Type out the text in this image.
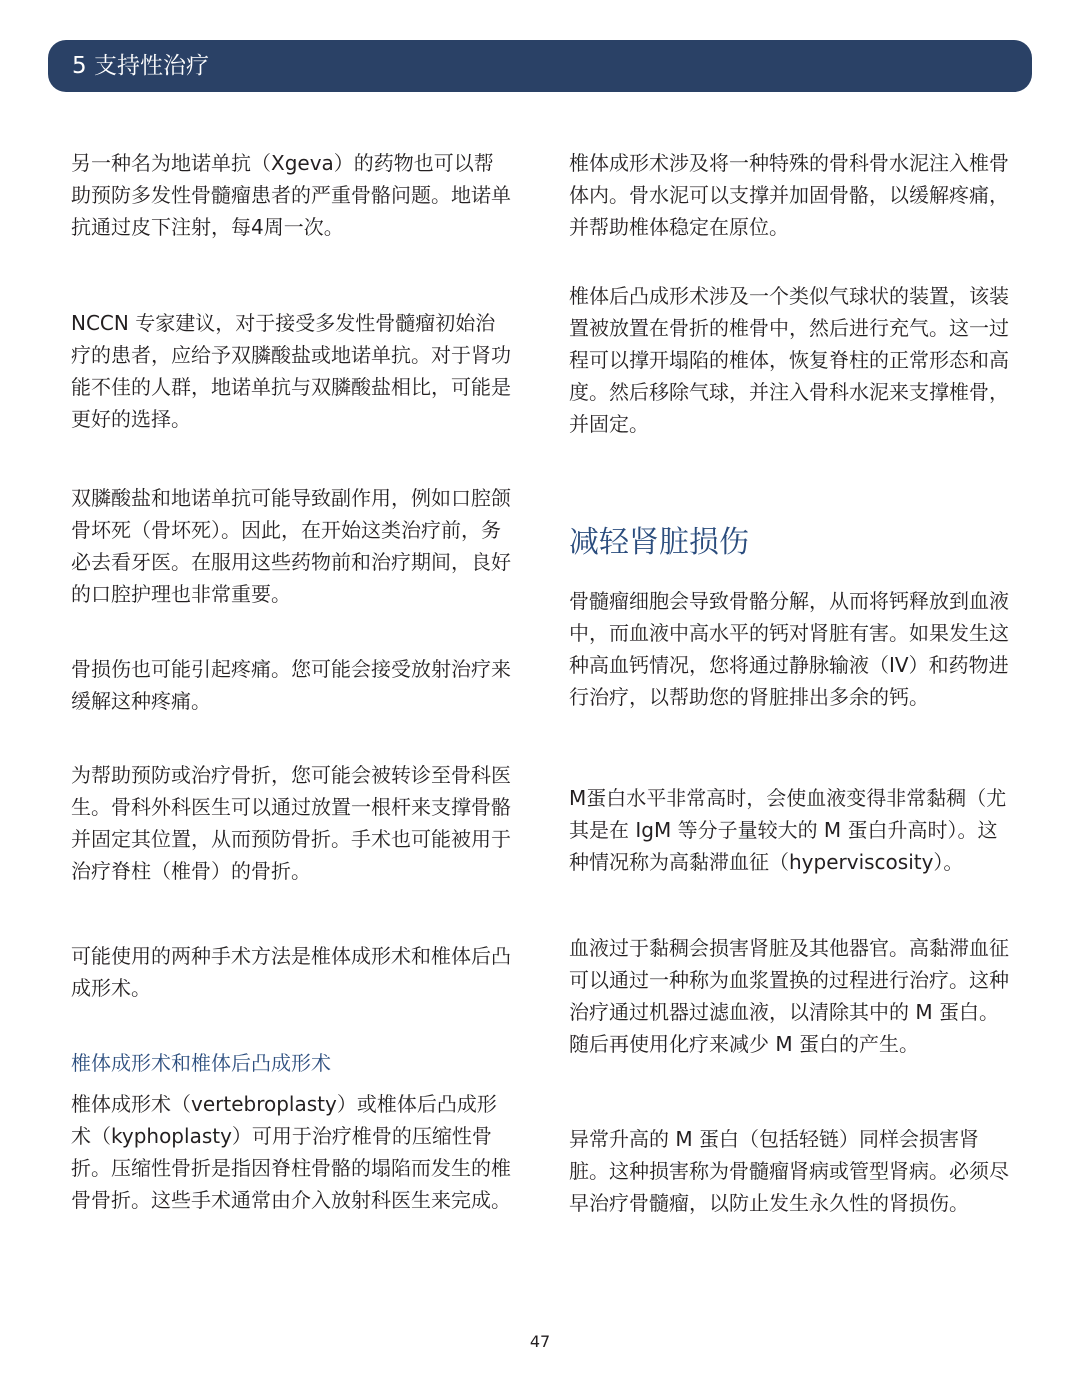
5 支持性治疗

另一种名为地诺单抗（Xgeva）的药物也可以帮助预防多发性骨髓瘤患者的严重骨骼问题。地诺单抗通过皮下注射，每4周一次。

NCCN 专家建议，对于接受多发性骨髓瘤初始治疗的患者，应给予双膦酸盐或地诺单抗。对于肾功能不佳的人群，地诺单抗与双膦酸盐相比，可能是更好的选择。

双膦酸盐和地诺单抗可能导致副作用，例如口腔颌骨坏死（骨坏死）。因此，在开始这类治疗前，务必去看牙医。在服用这些药物前和治疗期间，良好的口腔护理也非常重要。

骨损伤也可能引起疼痛。您可能会接受放射治疗来缓解这种疼痛。

为帮助预防或治疗骨折，您可能会被转诊至骨科医生。骨科外科医生可以通过放置一根杆来支撑骨骼并固定其位置，从而预防骨折。手术也可能被用于治疗脊柱（椎骨）的骨折。

可能使用的两种手术方法是椎体成形术和椎体后凸成形术。

椎体成形术和椎体后凸成形术

椎体成形术（vertebroplasty）或椎体后凸成形术（kyphoplasty）可用于治疗椎骨的压缩性骨折。压缩性骨折是指因脊柱骨骼的塌陷而发生的椎骨骨折。这些手术通常由介入放射科医生来完成。

椎体成形术涉及将一种特殊的骨科骨水泥注入椎骨体内。骨水泥可以支撑并加固骨骼，以缓解疼痛，并帮助椎体稳定在原位。

椎体后凸成形术涉及一个类似气球状的装置，该装置被放置在骨折的椎骨中，然后进行充气。这一过程可以撑开塌陷的椎体，恢复脊柱的正常形态和高度。然后移除气球，并注入骨科水泥来支撑椎骨，并固定。

减轻肾脏损伤

骨髓瘤细胞会导致骨骼分解，从而将钙释放到血液中，而血液中高水平的钙对肾脏有害。如果发生这种高血钙情况，您将通过静脉输液（IV）和药物进行治疗，以帮助您的肾脏排出多余的钙。

M蛋白水平非常高时，会使血液变得非常黏稠（尤其是在 IgM 等分子量较大的 M 蛋白升高时）。这种情况称为高黏滞血征（hyperviscosity）。

血液过于黏稠会损害肾脏及其他器官。高黏滞血征可以通过一种称为血浆置换的过程进行治疗。这种治疗通过机器过滤血液，以清除其中的 M 蛋白。随后再使用化疗来减少 M 蛋白的产生。

异常升高的 M 蛋白（包括轻链）同样会损害肾脏。这种损害称为骨髓瘤肾病或管型肾病。必须尽早治疗骨髓瘤，以防止发生永久性的肾损伤。

47
